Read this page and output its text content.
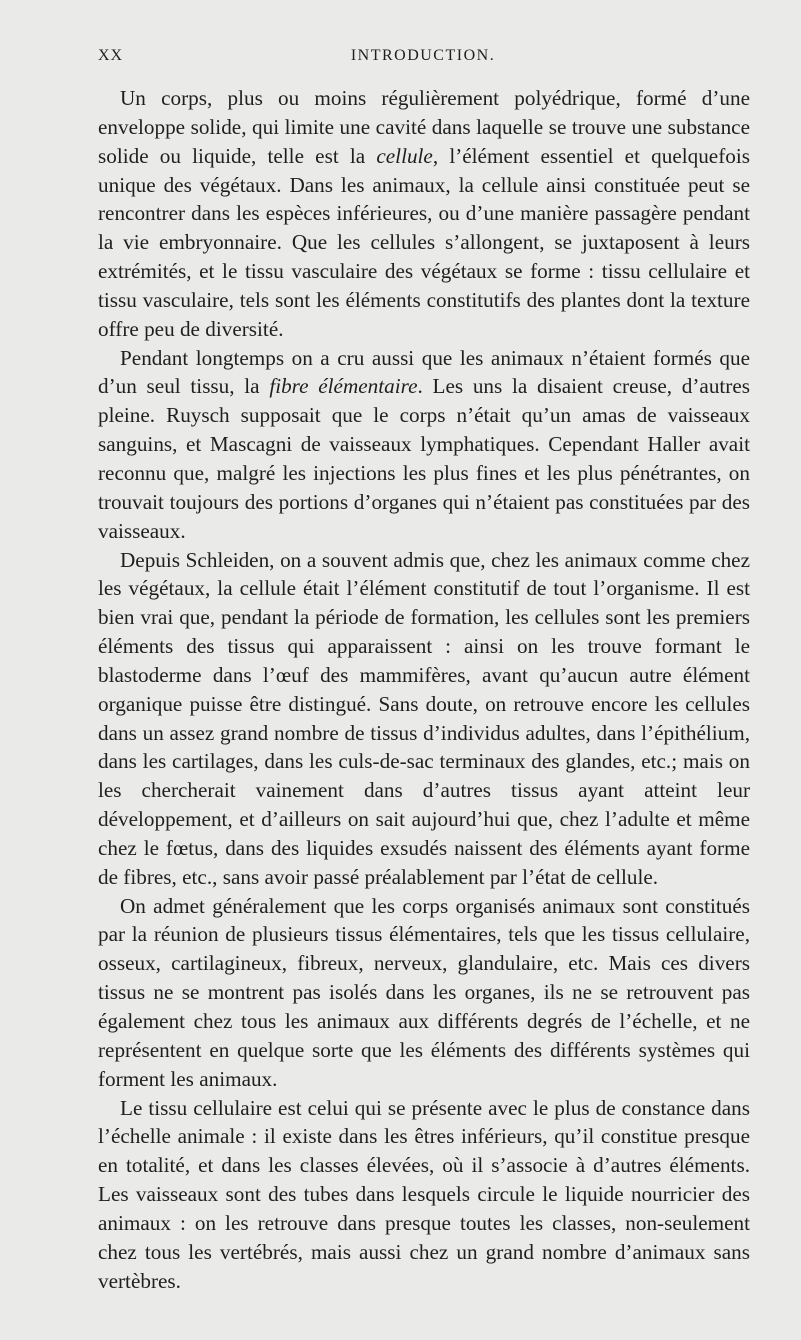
XX	INTRODUCTION.

Un corps, plus ou moins régulièrement polyédrique, formé d’une enveloppe solide, qui limite une cavité dans laquelle se trouve une substance solide ou liquide, telle est la cellule, l’élément essentiel et quelquefois unique des végétaux. Dans les animaux, la cellule ainsi constituée peut se rencontrer dans les espèces inférieures, ou d’une manière passagère pendant la vie embryonnaire. Que les cellules s’allongent, se juxtaposent à leurs extrémités, et le tissu vasculaire des végétaux se forme : tissu cellulaire et tissu vasculaire, tels sont les éléments constitutifs des plantes dont la texture offre peu de diversité.

Pendant longtemps on a cru aussi que les animaux n’étaient formés que d’un seul tissu, la fibre élémentaire. Les uns la disaient creuse, d’autres pleine. Ruysch supposait que le corps n’était qu’un amas de vaisseaux sanguins, et Mascagni de vaisseaux lymphatiques. Cependant Haller avait reconnu que, malgré les injections les plus fines et les plus pénétrantes, on trouvait toujours des portions d’organes qui n’étaient pas constituées par des vaisseaux.

Depuis Schleiden, on a souvent admis que, chez les animaux comme chez les végétaux, la cellule était l’élément constitutif de tout l’organisme. Il est bien vrai que, pendant la période de formation, les cellules sont les premiers éléments des tissus qui apparaissent : ainsi on les trouve formant le blastoderme dans l’œuf des mammifères, avant qu’aucun autre élément organique puisse être distingué. Sans doute, on retrouve encore les cellules dans un assez grand nombre de tissus d’individus adultes, dans l’épithélium, dans les cartilages, dans les culs-de-sac terminaux des glandes, etc.; mais on les chercherait vainement dans d’autres tissus ayant atteint leur développement, et d’ailleurs on sait aujourd’hui que, chez l’adulte et même chez le fœtus, dans des liquides exsudés naissent des éléments ayant forme de fibres, etc., sans avoir passé préalablement par l’état de cellule.

On admet généralement que les corps organisés animaux sont constitués par la réunion de plusieurs tissus élémentaires, tels que les tissus cellulaire, osseux, cartilagineux, fibreux, nerveux, glandulaire, etc. Mais ces divers tissus ne se montrent pas isolés dans les organes, ils ne se retrouvent pas également chez tous les animaux aux différents degrés de l’échelle, et ne représentent en quelque sorte que les éléments des différents systèmes qui forment les animaux.

Le tissu cellulaire est celui qui se présente avec le plus de constance dans l’échelle animale : il existe dans les êtres inférieurs, qu’il constitue presque en totalité, et dans les classes élevées, où il s’associe à d’autres éléments. Les vaisseaux sont des tubes dans lesquels circule le liquide nourricier des animaux : on les retrouve dans presque toutes les classes, non-seulement chez tous les vertébrés, mais aussi chez un grand nombre d’animaux sans vertèbres.
